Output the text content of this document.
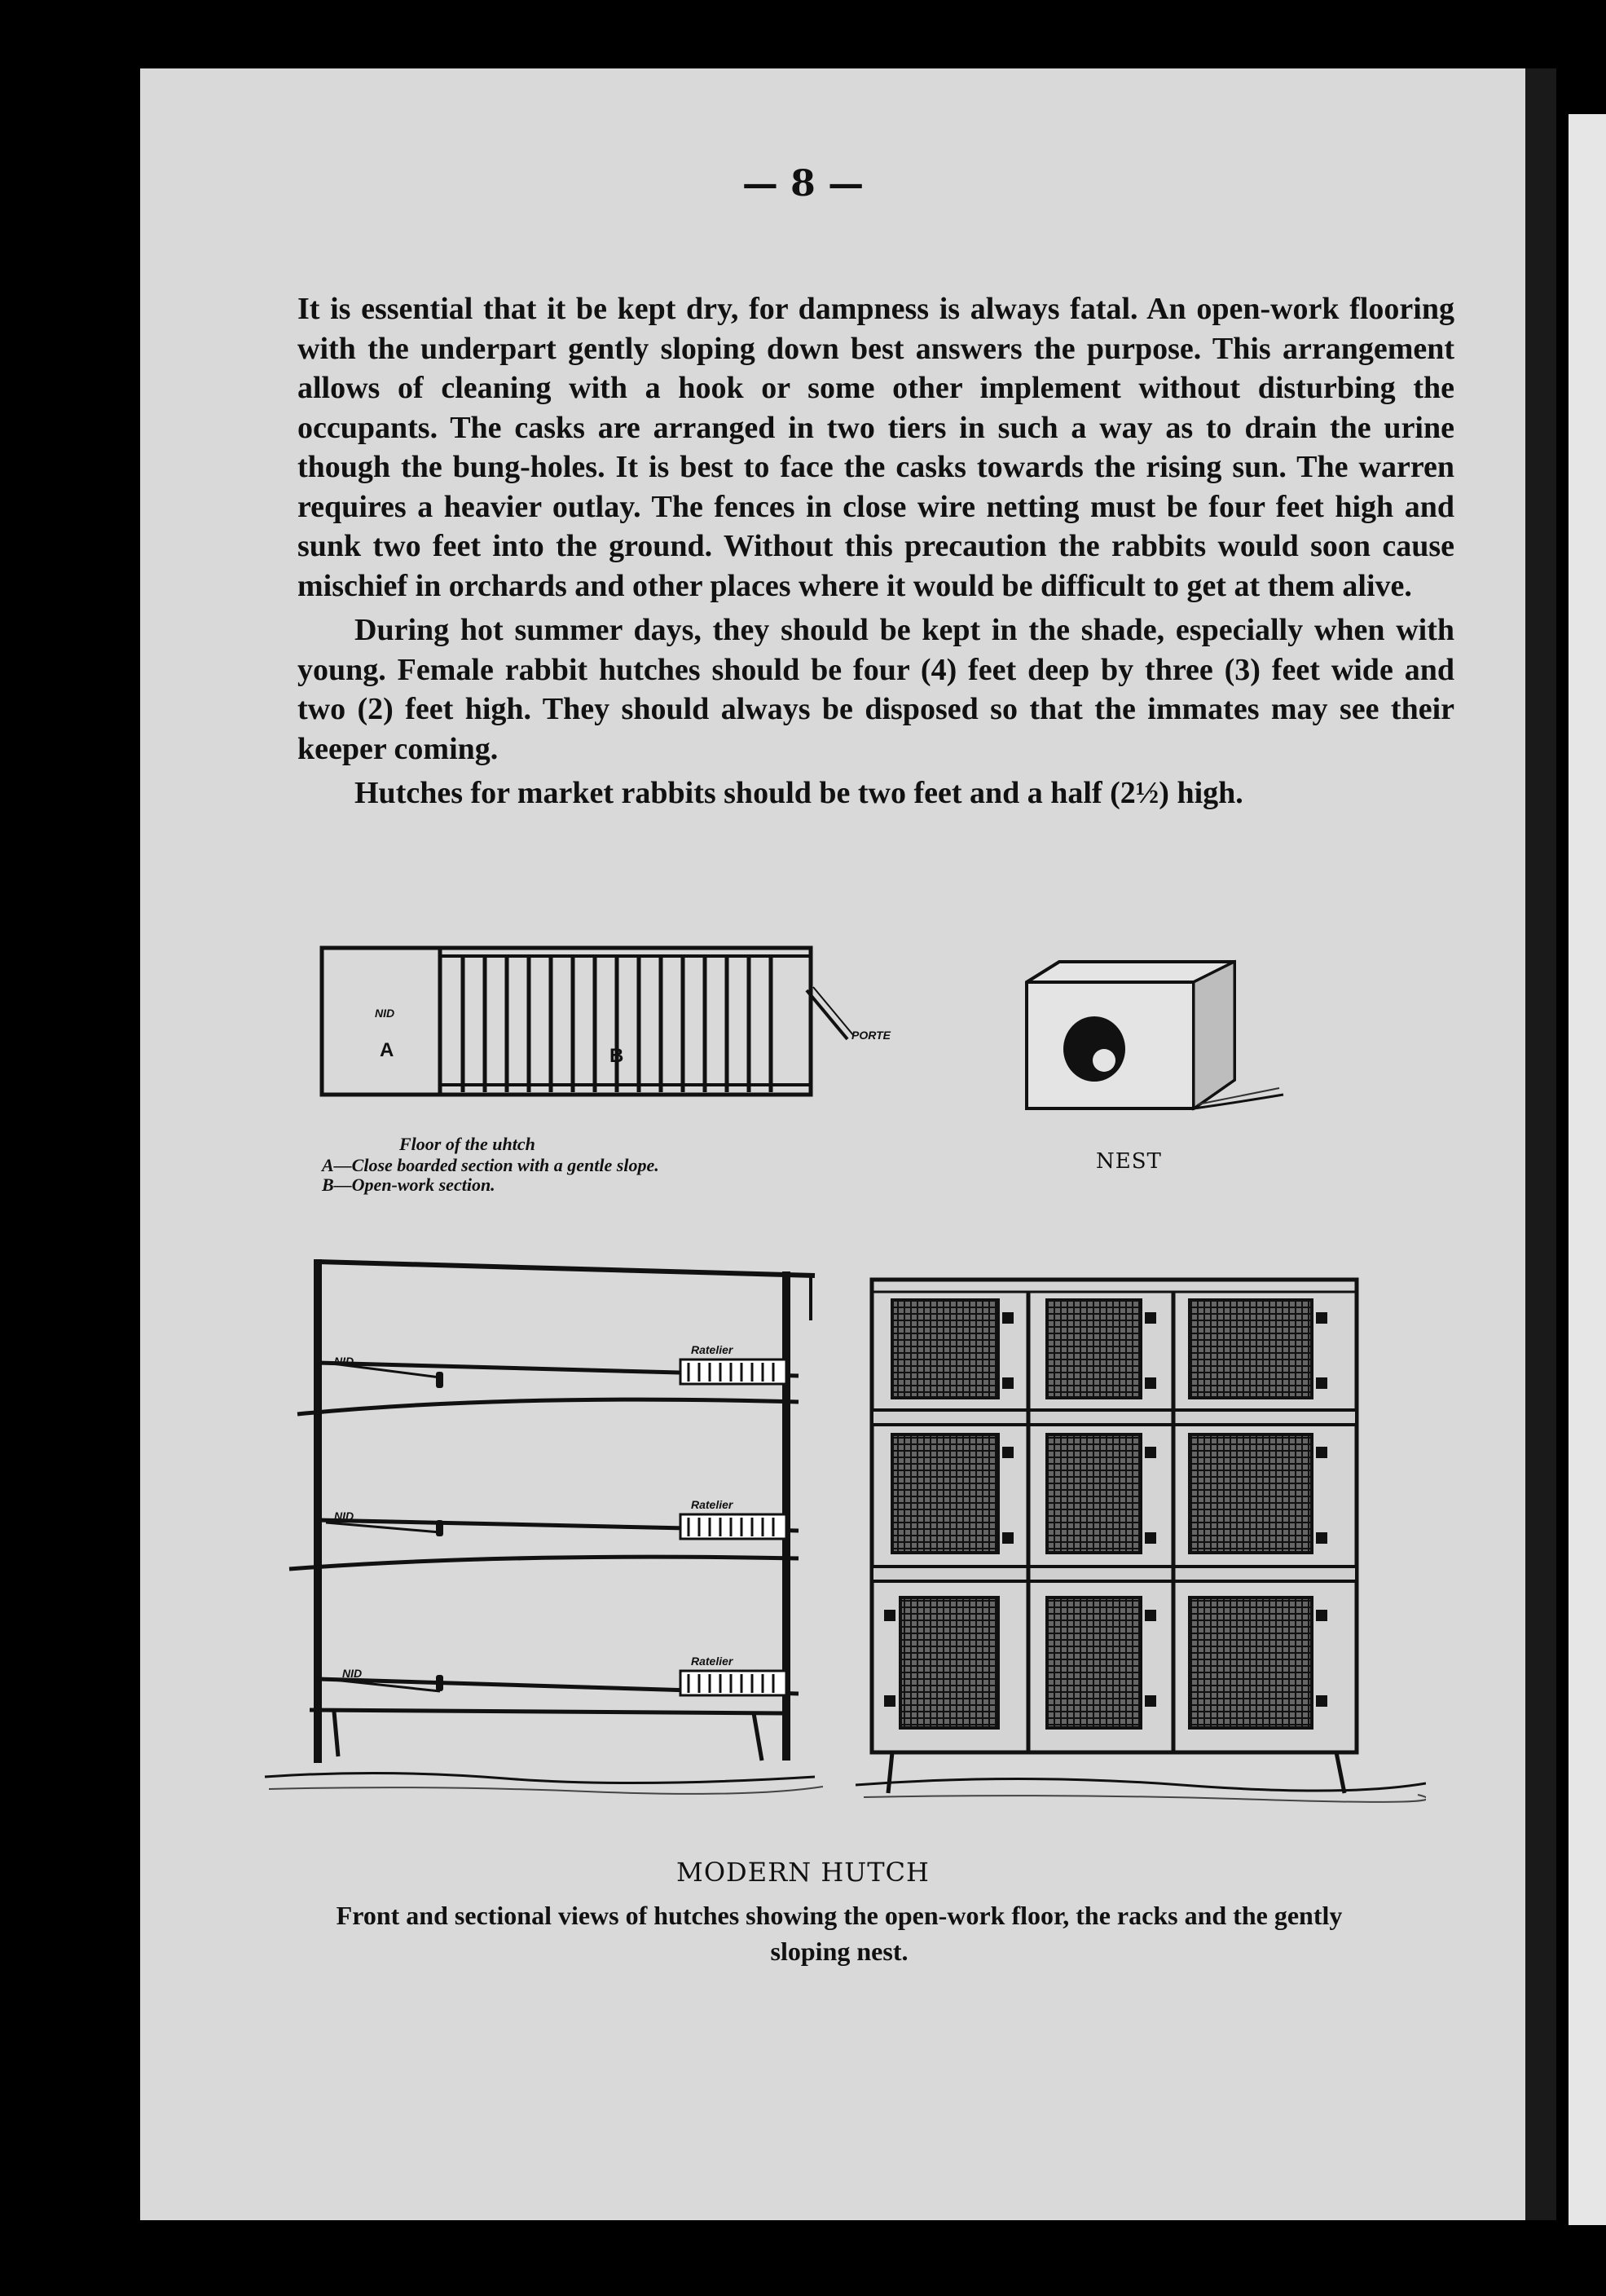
— 8 —

It is essential that it be kept dry, for dampness is always fatal. An open-work flooring with the underpart gently sloping down best answers the purpose. This arrangement allows of cleaning with a hook or some other implement without disturbing the occupants. The casks are arranged in two tiers in such a way as to drain the urine though the bung-holes. It is best to face the casks towards the rising sun. The warren requires a heavier outlay. The fences in close wire netting must be four feet high and sunk two feet into the ground. Without this precaution the rabbits would soon cause mischief in orchards and other places where it would be difficult to get at them alive.

During hot summer days, they should be kept in the shade, especially when with young. Female rabbit hutches should be four (4) feet deep by three (3) feet wide and two (2) feet high. They should always be disposed so that the immates may see their keeper coming.

Hutches for market rabbits should be two feet and a half (2½) high.

NID
A	B
PORTE
Floor of the uhtch
A—Close boarded section with a gentle slope.
B—Open-work section.
NEST
NID
Ratelier
NID
Ratelier
NID
Ratelier
MODERN HUTCH
Front and sectional views of hutches showing the open-work floor, the racks and the gently sloping nest.
